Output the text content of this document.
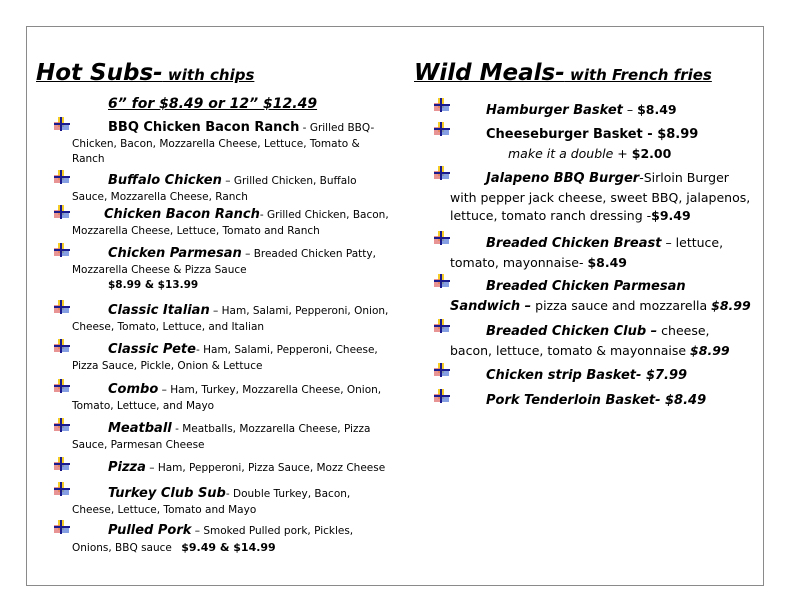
Hot Subs- with chips
6” for $8.49 or 12” $12.49
BBQ Chicken Bacon Ranch - Grilled BBQ-Chicken, Bacon, Mozzarella Cheese, Lettuce, Tomato & Ranch
Buffalo Chicken – Grilled Chicken, Buffalo Sauce, Mozzarella Cheese, Ranch
Chicken Bacon Ranch- Grilled Chicken, Bacon, Mozzarella Cheese, Lettuce, Tomato and Ranch
Chicken Parmesan – Breaded Chicken Patty, Mozzarella Cheese & Pizza Sauce
$8.99 & $13.99
Classic Italian – Ham, Salami, Pepperoni, Onion, Cheese, Tomato, Lettuce, and Italian
Classic Pete- Ham, Salami, Pepperoni, Cheese, Pizza Sauce, Pickle, Onion & Lettuce
Combo – Ham, Turkey, Mozzarella Cheese, Onion, Tomato, Lettuce, and Mayo
Meatball - Meatballs, Mozzarella Cheese, Pizza Sauce, Parmesan Cheese
Pizza – Ham, Pepperoni, Pizza Sauce, Mozz Cheese
Turkey Club Sub- Double Turkey, Bacon, Cheese, Lettuce, Tomato and Mayo
Pulled Pork – Smoked Pulled pork, Pickles, Onions, BBQ sauce $9.49 & $14.99
Wild Meals- with French fries
Hamburger Basket – $8.49
Cheeseburger Basket - $8.99
make it a double + $2.00
Jalapeno BBQ Burger-Sirloin Burger with pepper jack cheese, sweet BBQ, jalapenos, lettuce, tomato ranch dressing -$9.49
Breaded Chicken Breast – lettuce, tomato, mayonnaise- $8.49
Breaded Chicken Parmesan Sandwich – pizza sauce and mozzarella $8.99
Breaded Chicken Club – cheese, bacon, lettuce, tomato & mayonnaise $8.99
Chicken strip Basket- $7.99
Pork Tenderloin Basket- $8.49
